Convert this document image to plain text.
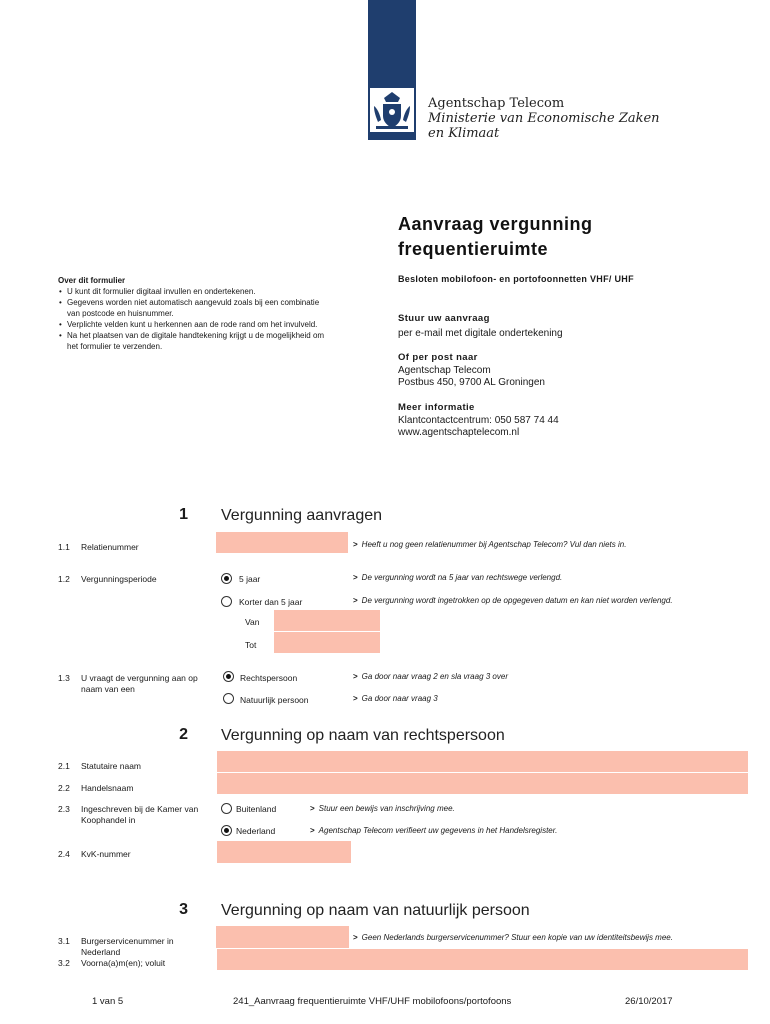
Agentschap Telecom
Ministerie van Economische Zaken
en Klimaat
Aanvraag vergunning
frequentieruimte
Besloten mobilofoon- en portofoonnetten VHF/ UHF
Stuur uw aanvraag
per e-mail met digitale ondertekening
Of per post naar
Agentschap Telecom
Postbus 450, 9700 AL Groningen
Meer informatie
Klantcontactcentrum: 050 587 74 44
www.agentschaptelecom.nl
Over dit formulier
• U kunt dit formulier digitaal invullen en ondertekenen.
• Gegevens worden niet automatisch aangevuld zoals bij een combinatie van postcode en huisnummer.
• Verplichte velden kunt u herkennen aan de rode rand om het invulveld.
• Na het plaatsen van de digitale handtekening krijgt u de mogelijkheid om het formulier te verzenden.
1 Vergunning aanvragen
1.1 Relatienummer	> Heeft u nog geen relatienummer bij Agentschap Telecom? Vul dan niets in.
1.2 Vergunningsperiode	5 jaar	> De vergunning wordt na 5 jaar van rechtswege verlengd.
Korter dan 5 jaar	> De vergunning wordt ingetrokken op de opgegeven datum en kan niet worden verlengd.
Van
Tot
1.3 U vraagt de vergunning aan op naam van een
Rechtspersoon	> Ga door naar vraag 2 en sla vraag 3 over
Natuurlijk persoon	> Ga door naar vraag 3
2 Vergunning op naam van rechtspersoon
2.1 Statutaire naam
2.2 Handelsnaam
2.3 Ingeschreven bij de Kamer van Koophandel in
Buitenland	> Stuur een bewijs van inschrijving mee.
Nederland	> Agentschap Telecom verifieert uw gegevens in het Handelsregister.
2.4 KvK-nummer
3 Vergunning op naam van natuurlijk persoon
3.1 Burgerservicenummer in Nederland
> Geen Nederlands burgerservicenummer? Stuur een kopie van uw identiteitsbewijs mee.
3.2 Voorna(a)m(en); voluit
1 van 5	241_Aanvraag frequentieruimte VHF/UHF mobilofoons/portofoons	26/10/2017
